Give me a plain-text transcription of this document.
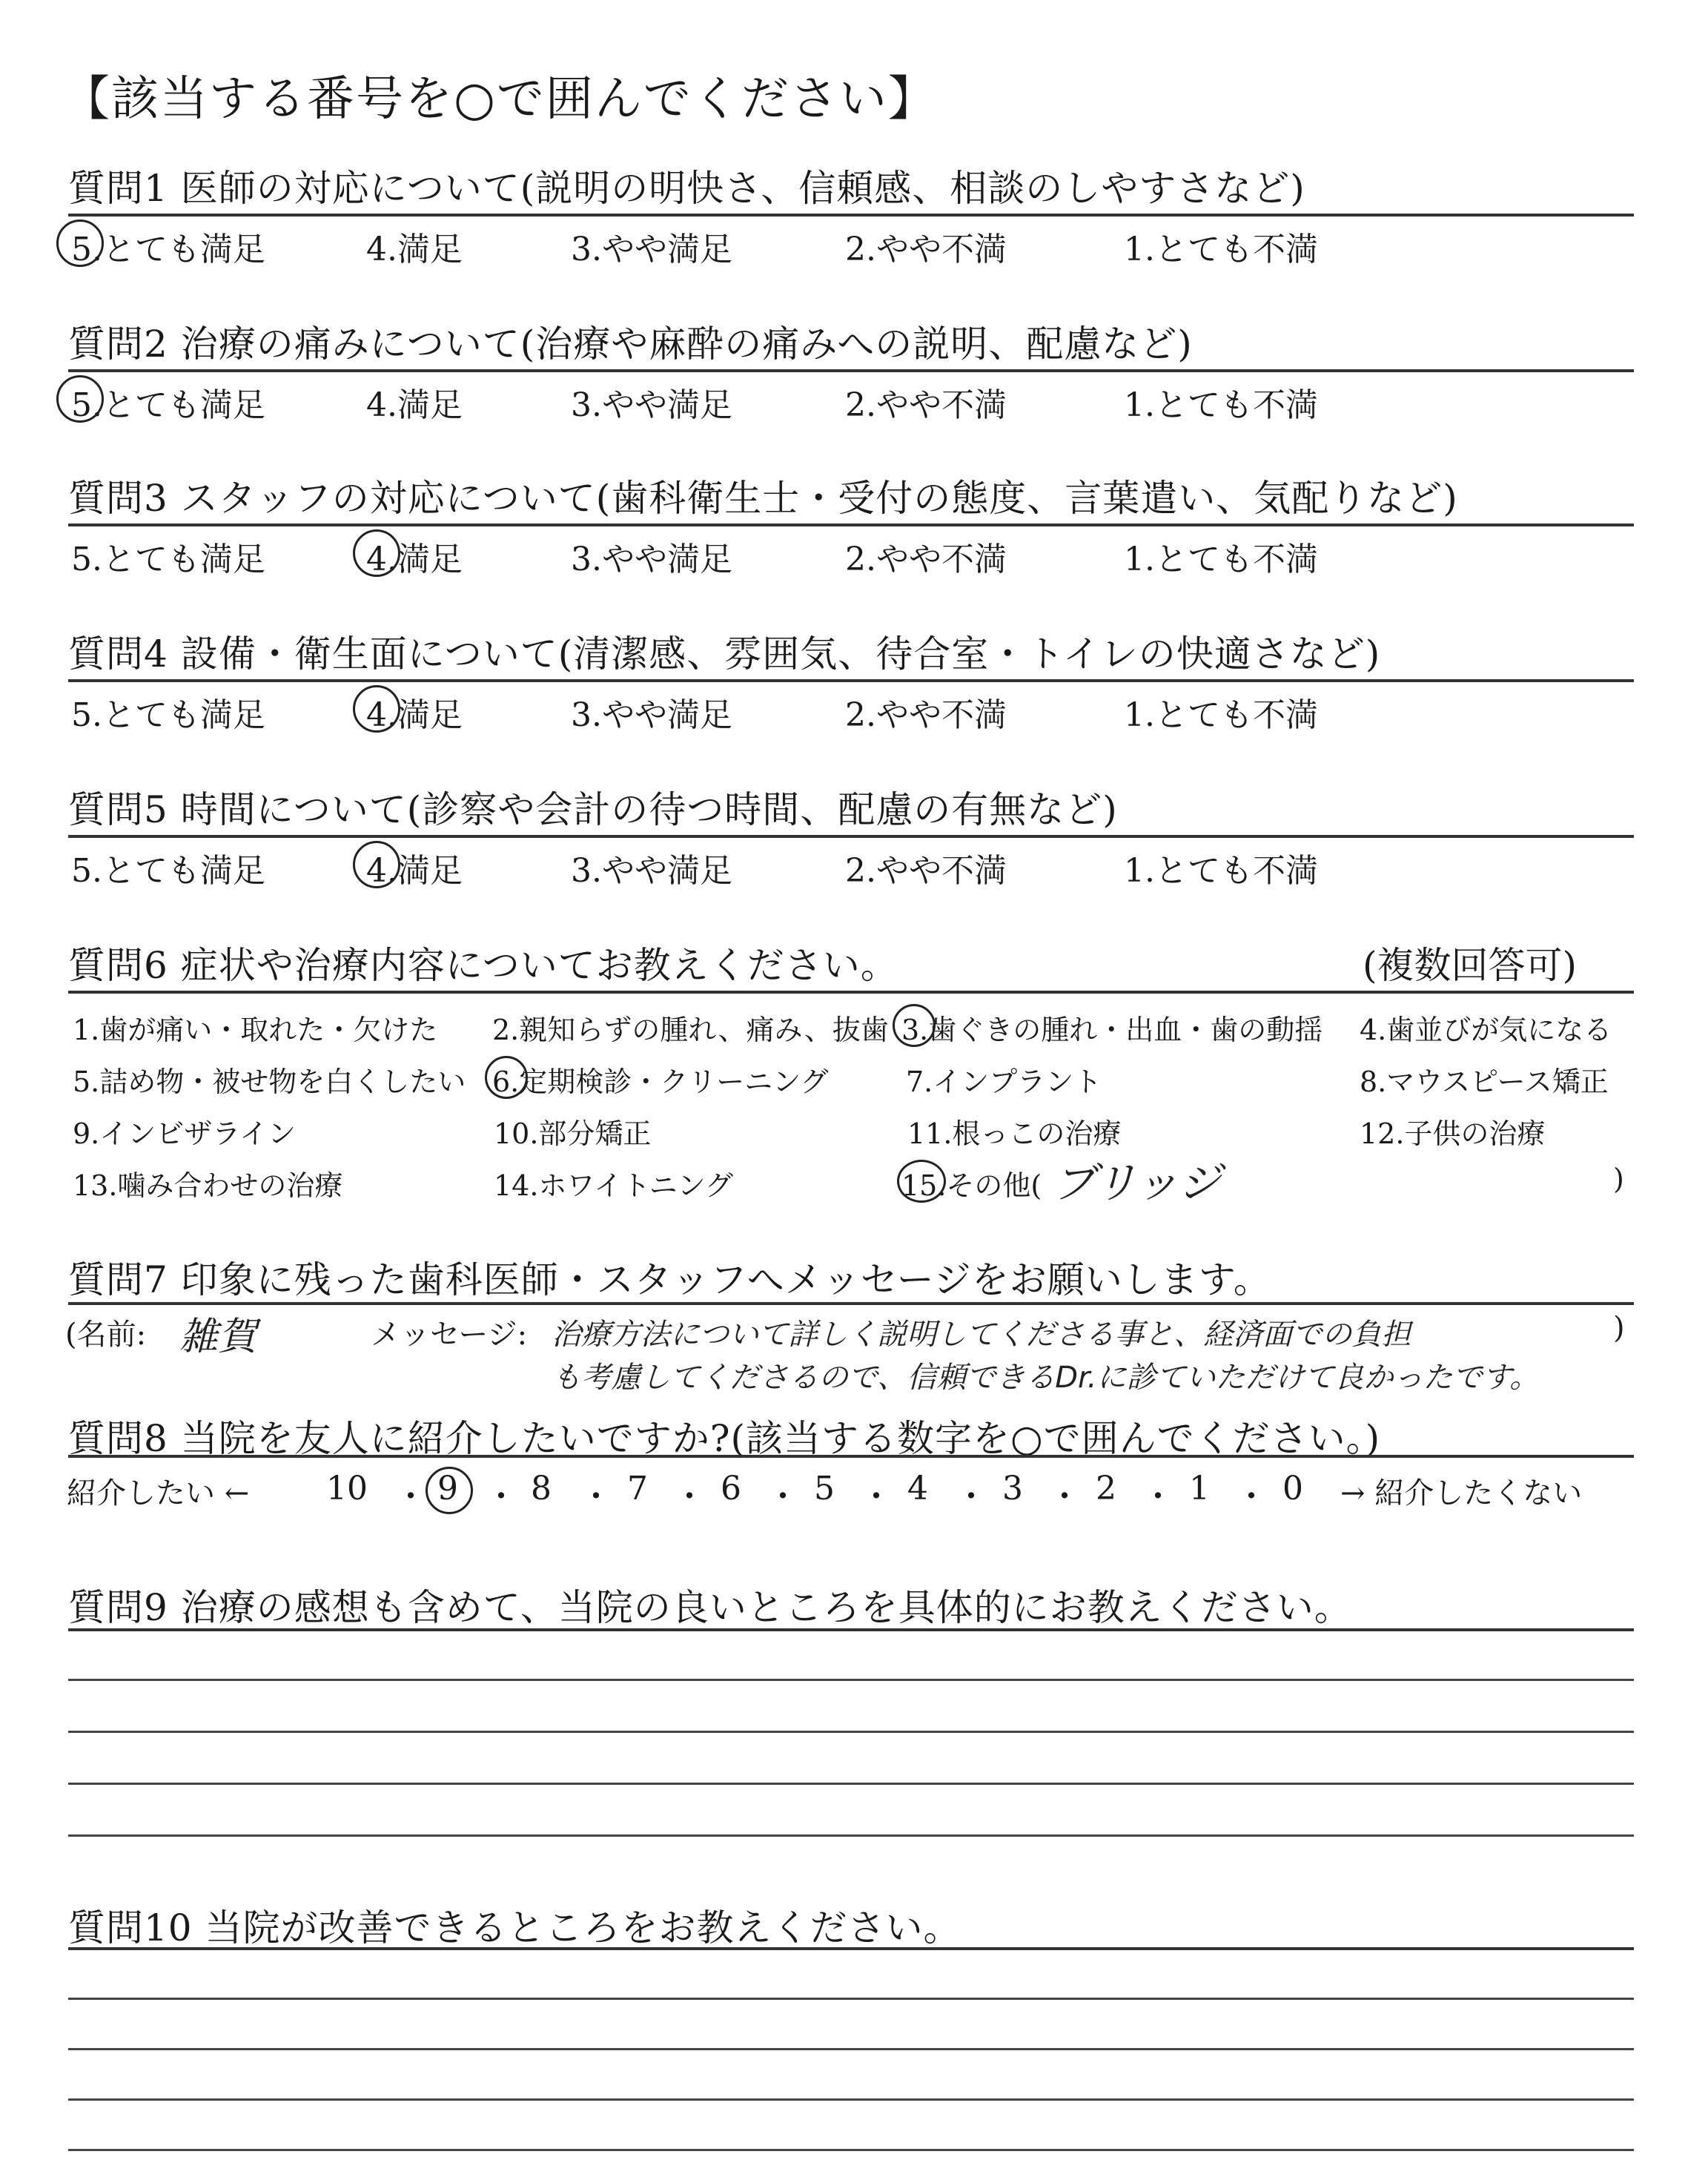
【該当する番号を○で囲んでください】
質問1 医師の対応について(説明の明快さ、信頼感、相談のしやすさなど)
5.とても満足	4.満足	3.やや満足	2.やや不満	1.とても不満
質問2 治療の痛みについて(治療や麻酔の痛みへの説明、配慮など)
5.とても満足	4.満足	3.やや満足	2.やや不満	1.とても不満
質問3 スタッフの対応について(歯科衛生士・受付の態度、言葉遣い、気配りなど)
5.とても満足	4.満足	3.やや満足	2.やや不満	1.とても不満
質問4 設備・衛生面について(清潔感、雰囲気、待合室・トイレの快適さなど)
5.とても満足	4.満足	3.やや満足	2.やや不満	1.とても不満
質問5 時間について(診察や会計の待つ時間、配慮の有無など)
5.とても満足	4.満足	3.やや満足	2.やや不満	1.とても不満
質問6 症状や治療内容についてお教えください。	(複数回答可)
1.歯が痛い・取れた・欠けた 2.親知らずの腫れ、痛み、抜歯 3.歯ぐきの腫れ・出血・歯の動揺 4.歯並びが気になる
5.詰め物・被せ物を白くしたい 6.定期検診・クリーニング	7.インプラント	8.マウスピース矯正
9.インビザライン	10.部分矯正	11.根っこの治療	12.子供の治療
13.噛み合わせの治療	14.ホワイトニング	15.その他( ブリッジ	)
質問7 印象に残った歯科医師・スタッフへメッセージをお願いします。
(名前: 雑賀	メッセージ: 治療方法について詳しく説明してくださる事と、経済面での負担
も考慮してくださるので、信頼できるDr.に診ていただけて良かったです。
)
質問8 当院を友人に紹介したいですか?(該当する数字を○で囲んでください。)
紹介したい ← 10 ・ 9 ・ 8 ・ 7 ・ 6 ・ 5 ・ 4 ・ 3 ・ 2 ・ 1 ・ 0 → 紹介したくない
質問9 治療の感想も含めて、当院の良いところを具体的にお教えください。
質問10 当院が改善できるところをお教えください。
